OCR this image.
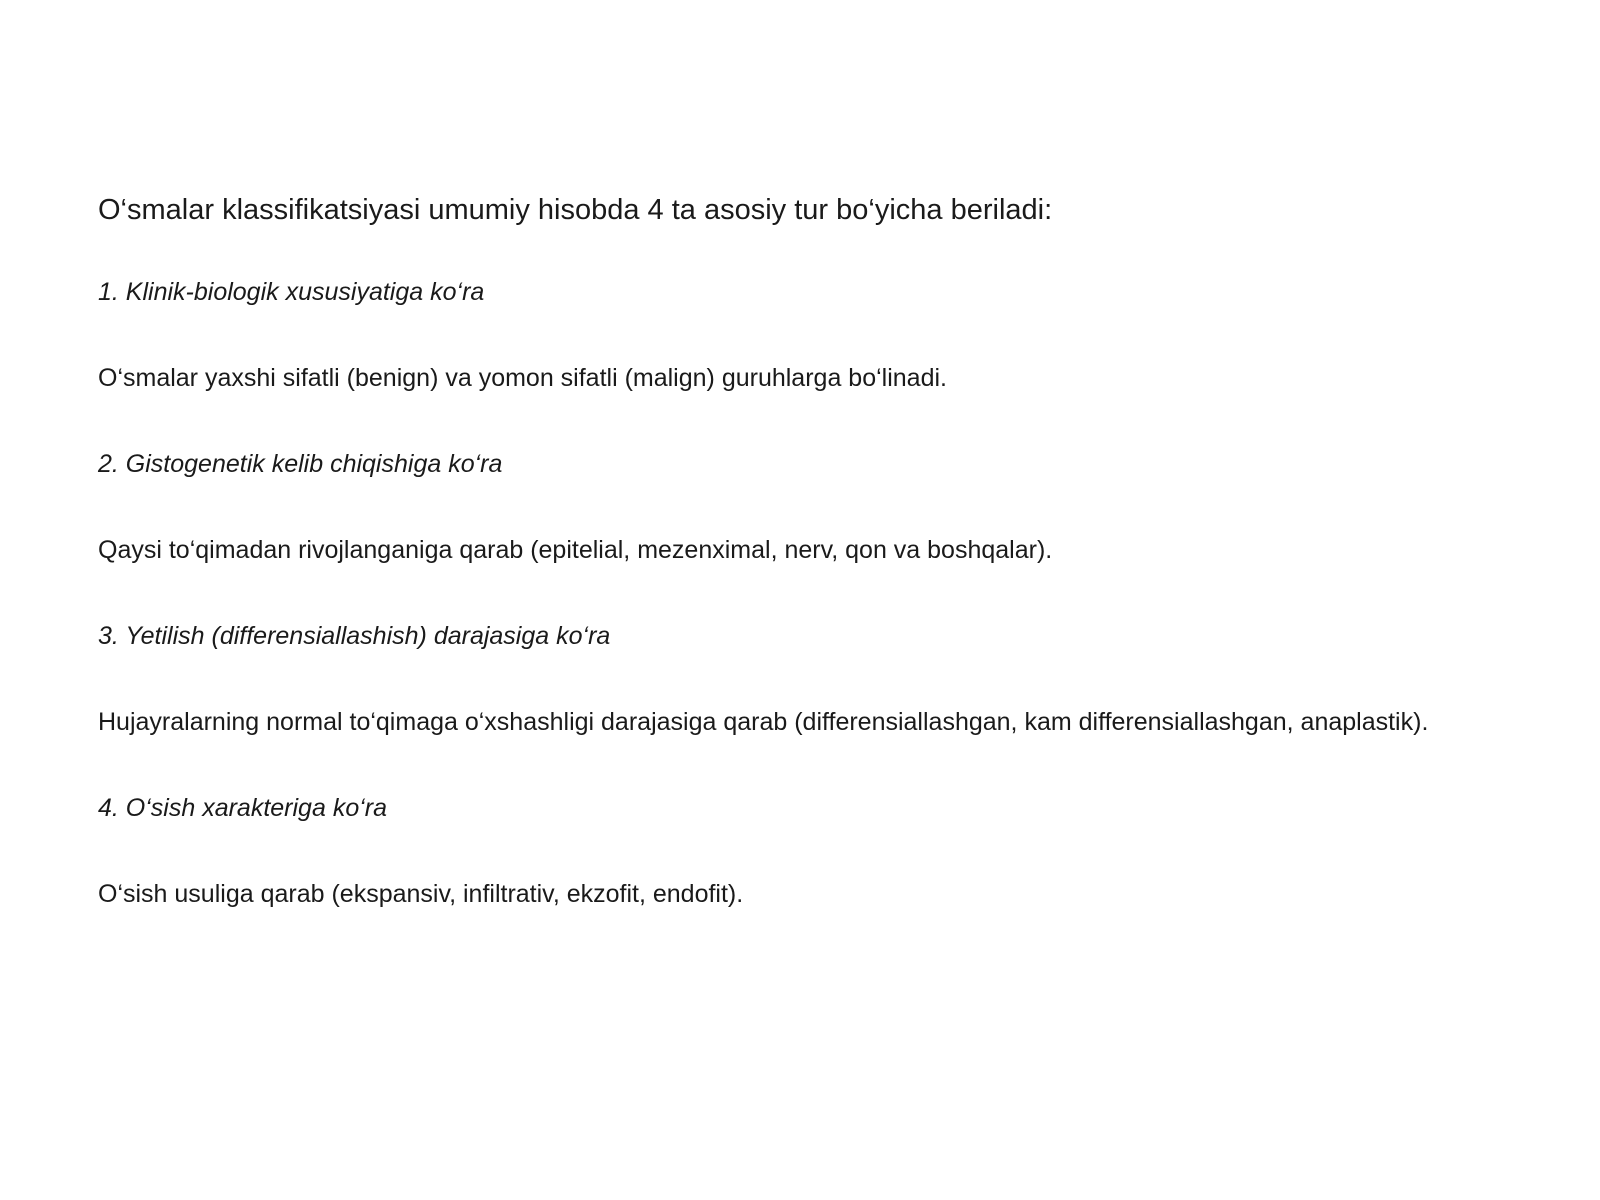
O‘smalar klassifikatsiyasi umumiy hisobda 4 ta asosiy tur bo‘yicha beriladi:

1. Klinik-biologik xususiyatiga ko‘ra

O‘smalar yaxshi sifatli (benign) va yomon sifatli (malign) guruhlarga bo‘linadi.

2. Gistogenetik kelib chiqishiga ko‘ra

Qaysi to‘qimadan rivojlanganiga qarab (epitelial, mezenximal, nerv, qon va boshqalar).

3. Yetilish (differensiallashish) darajasiga ko‘ra

Hujayralarning normal to‘qimaga o‘xshashligi darajasiga qarab (differensiallashgan, kam differensiallashgan, anaplastik).

4. O‘sish xarakteriga ko‘ra

O‘sish usuliga qarab (ekspansiv, infiltrativ, ekzofit, endofit).
